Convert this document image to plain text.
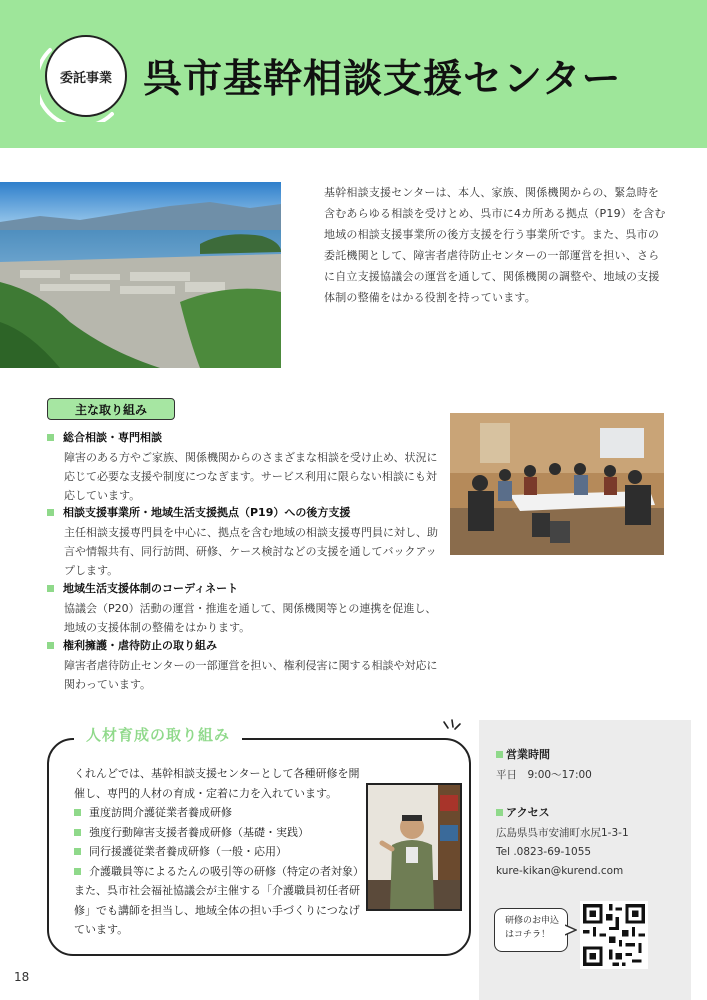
委託事業 呉市基幹相談支援センター
基幹相談支援センターは、本人、家族、関係機関からの、緊急時を含むあらゆる相談を受けとめ、呉市に4カ所ある拠点（P19）を含む地域の相談支援事業所の後方支援を行う事業所です。また、呉市の委託機関として、障害者虐待防止センターの一部運営を担い、さらに自立支援協議会の運営を通して、関係機関の調整や、地域の支援体制の整備をはかる役割を持っています。
主な取り組み
総合相談・専門相談
障害のある方やご家族、関係機関からのさまざまな相談を受け止め、状況に応じて必要な支援や制度につなぎます。サービス利用に限らない相談にも対応しています。
相談支援事業所・地域生活支援拠点（P19）への後方支援
主任相談支援専門員を中心に、拠点を含む地域の相談支援専門員に対し、助言や情報共有、同行訪問、研修、ケース検討などの支援を通してバックアップします。
地域生活支援体制のコーディネート
協議会（P20）活動の運営・推進を通して、関係機関等との連携を促進し、地域の支援体制の整備をはかります。
権利擁護・虐待防止の取り組み
障害者虐待防止センターの一部運営を担い、権利侵害に関する相談や対応に関わっています。
人材育成の取り組み

くれんどでは、基幹相談支援センターとして各種研修を開催し、専門的人材の育成・定着に力を入れています。

重度訪問介護従業者養成研修
強度行動障害支援者養成研修（基礎・実践）
同行援護従業者養成研修（一般・応用）
介護職員等によるたんの吸引等の研修（特定の者対象）

また、呉市社会福祉協議会が主催する「介護職員初任者研修」でも講師を担当し、地域全体の担い手づくりにつなげています。

営業時間
平日　9:00〜17:00
アクセス
広島県呉市安浦町水尻1-3-1
Tel .0823-69-1055
kure-kikan@kurend.com
研修のお申込
はコチラ！
18
